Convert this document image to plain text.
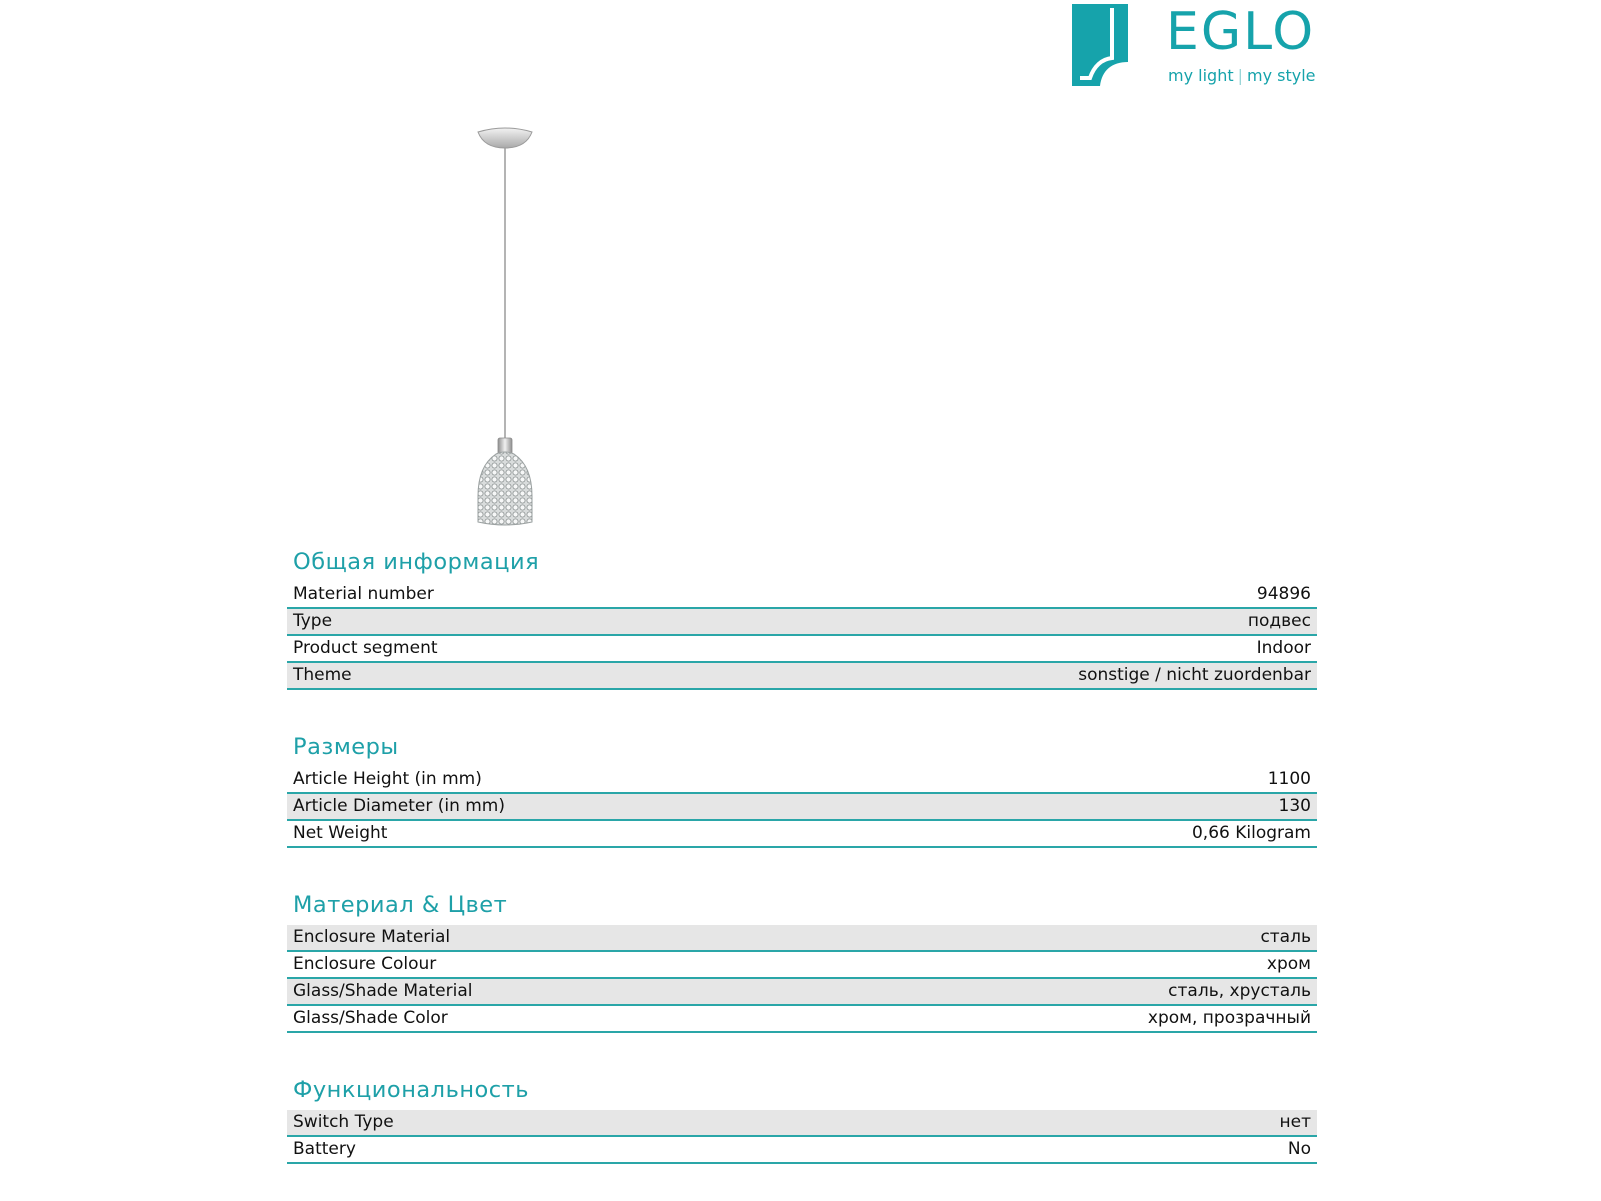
EGLO
my light | my style
Общая информация
Material number	94896
Type	подвес
Product segment	Indoor
Theme	sonstige / nicht zuordenbar
Размеры
Article Height (in mm)	1100
Article Diameter (in mm)	130
Net Weight	0,66 Kilogram
Материал & Цвет
Enclosure Material	сталь
Enclosure Colour	хром
Glass/Shade Material	сталь, хрусталь
Glass/Shade Color	хром, прозрачный
Функциональность
Switch Type	нет
Battery	No
